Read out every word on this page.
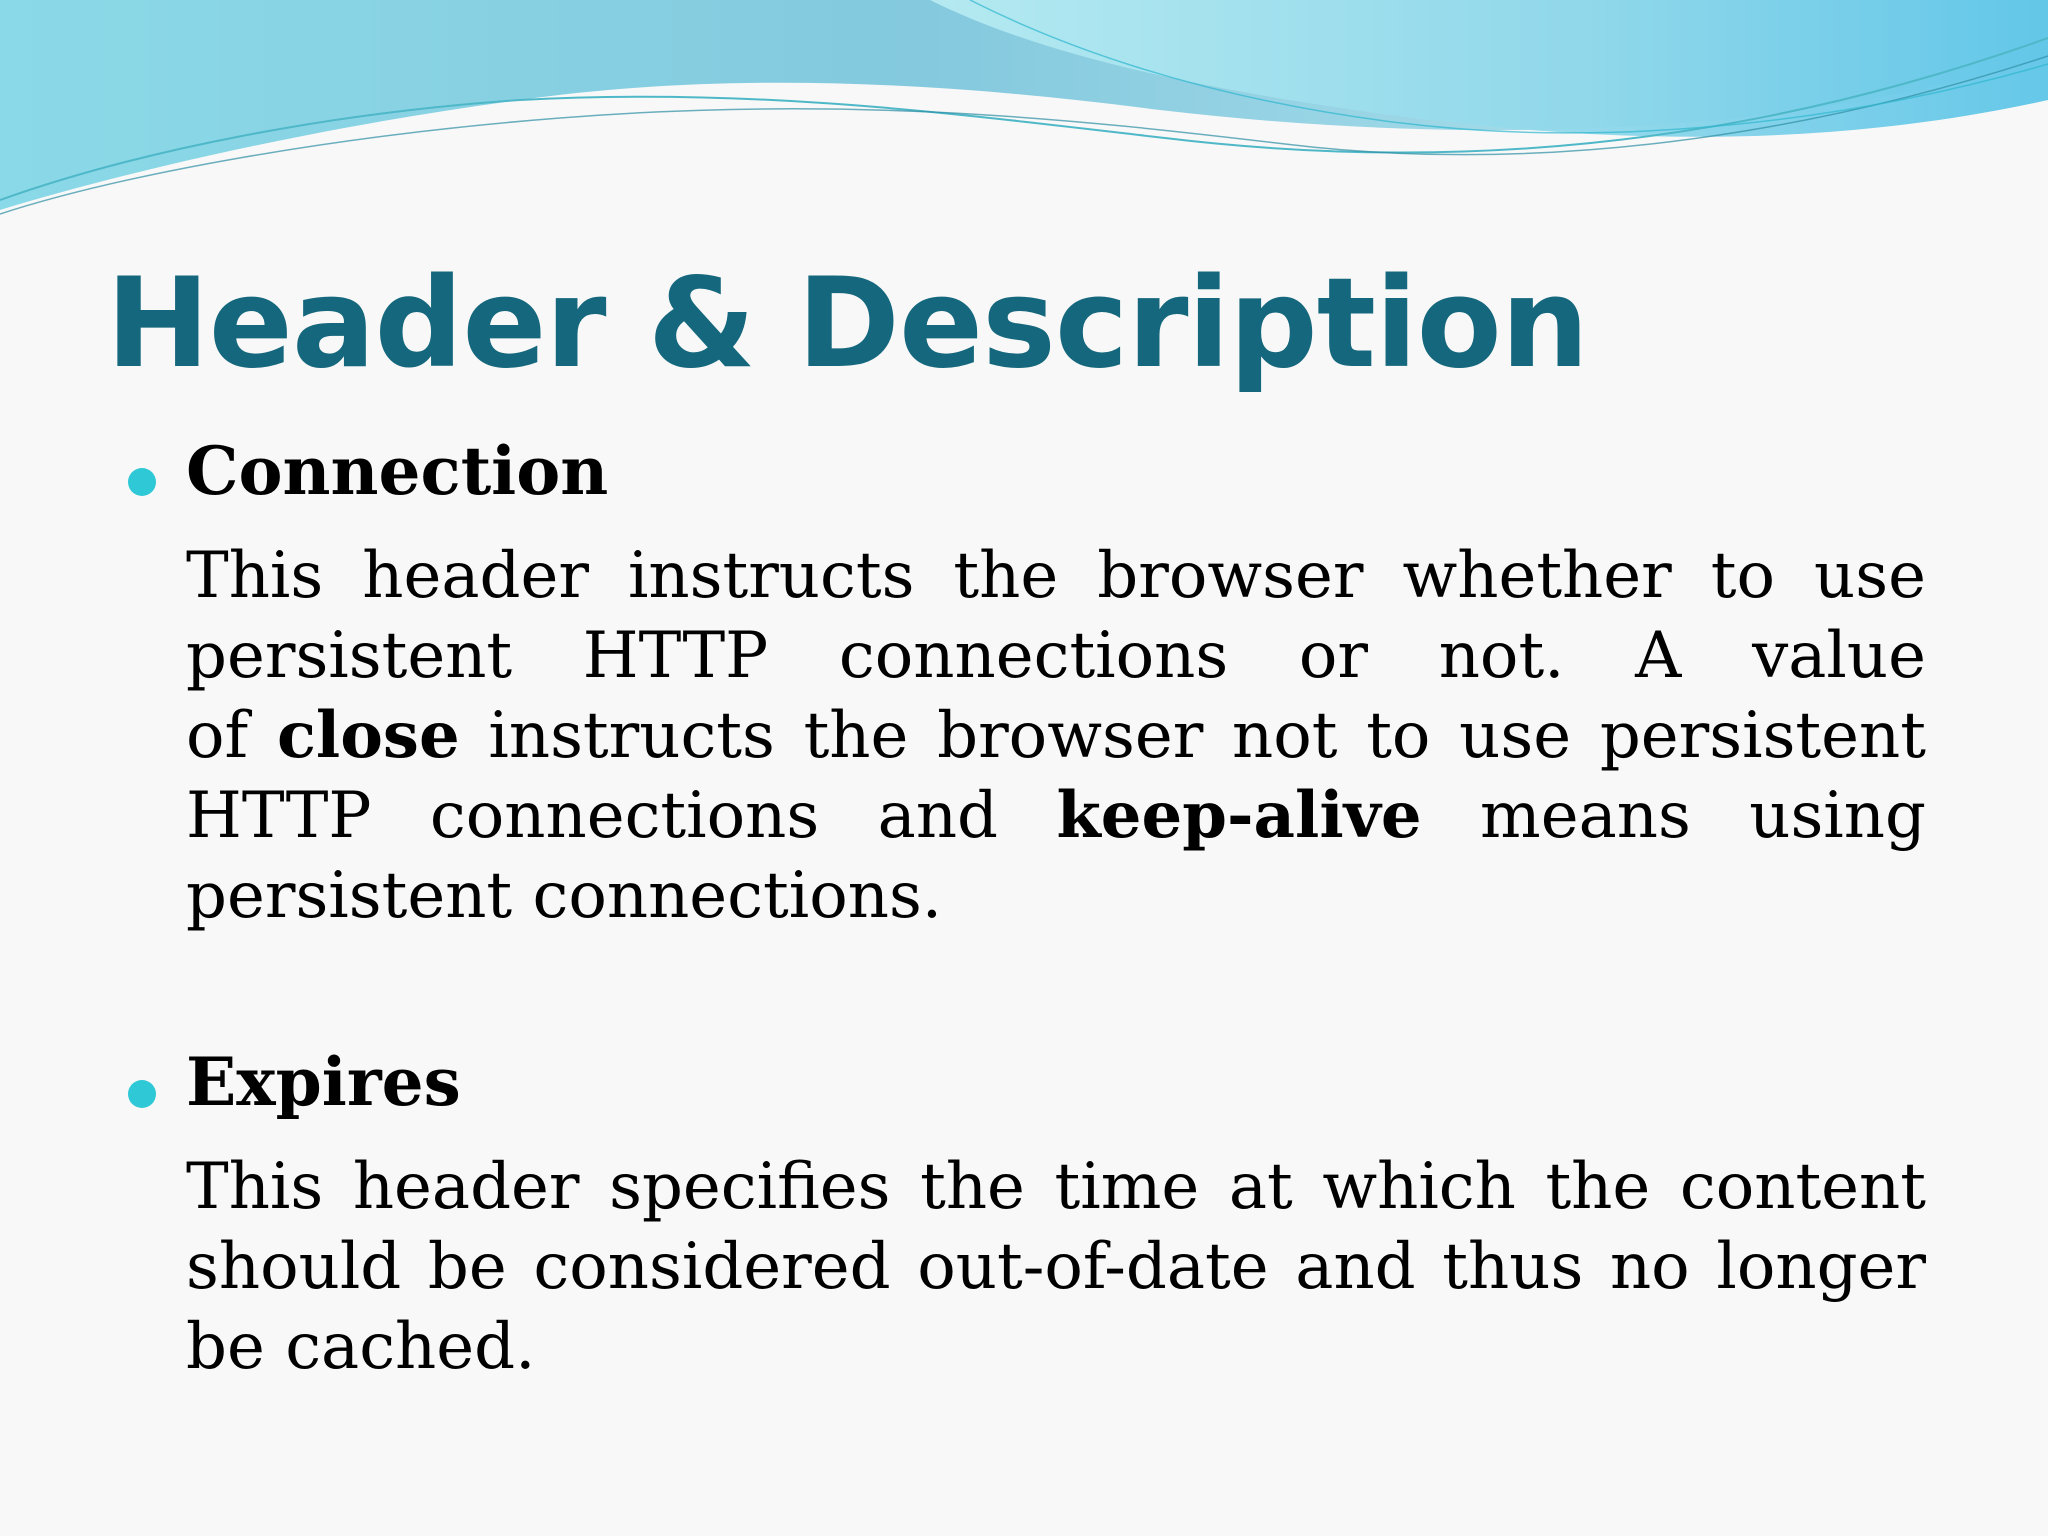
Header & Description
Connection
This header instructs the browser whether to use
persistent HTTP connections or not. A value
of close instructs the browser not to use persistent
HTTP connections and keep-alive means using
persistent connections.
Expires
This header specifies the time at which the content
should be considered out-of-date and thus no longer
be cached.
